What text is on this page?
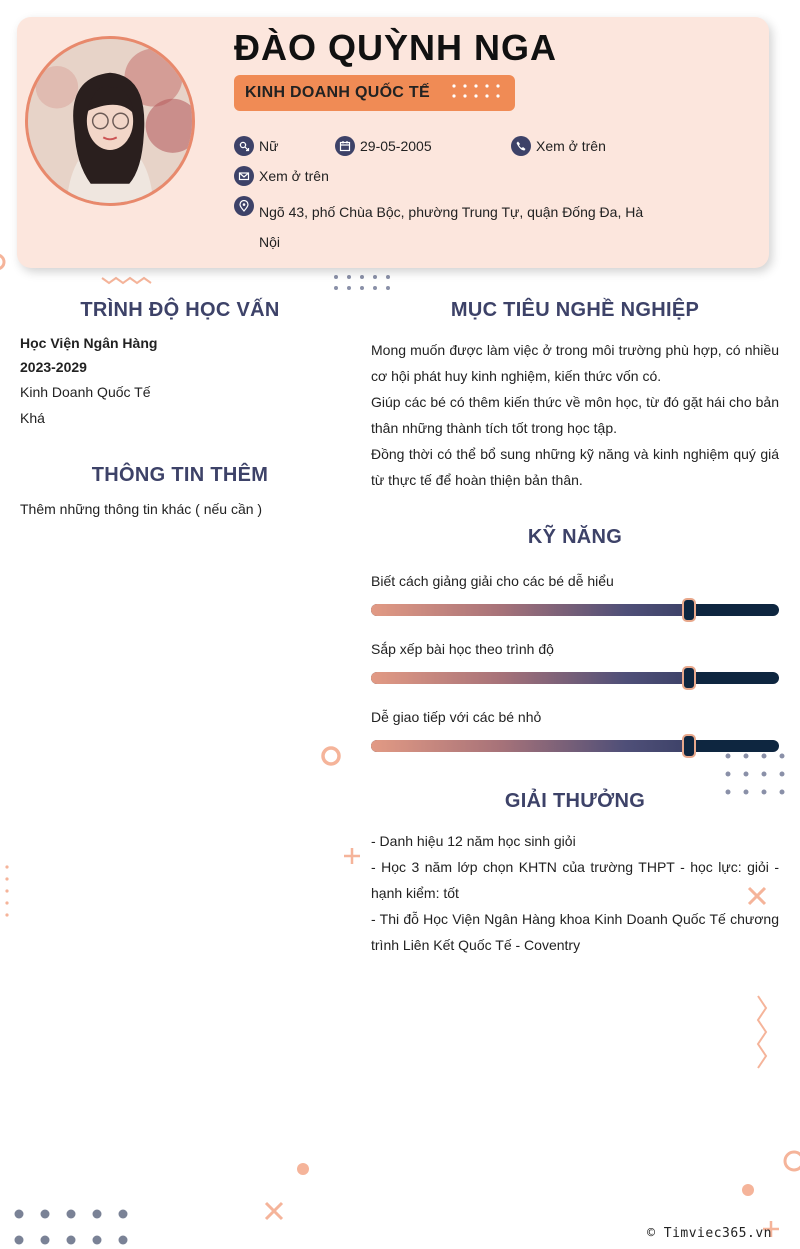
ĐÀO QUỲNH NGA
KINH DOANH QUỐC TẾ
Nữ	29-05-2005	Xem ở trên
Xem ở trên
Ngõ 43, phố Chùa Bộc, phường Trung Tự, quận Đống Đa, Hà Nội
TRÌNH ĐỘ HỌC VẤN
Học Viện Ngân Hàng
2023-2029
Kinh Doanh Quốc Tế
Khá
THÔNG TIN THÊM
Thêm những thông tin khác ( nếu cần )
MỤC TIÊU NGHỀ NGHIỆP
Mong muốn được làm việc ở trong môi trường phù hợp, có nhiều cơ hội phát huy kinh nghiệm, kiến thức vốn có.
Giúp các bé có thêm kiến thức về môn học, từ đó gặt hái cho bản thân những thành tích tốt trong học tập.
Đồng thời có thể bổ sung những kỹ năng và kinh nghiệm quý giá từ thực tế để hoàn thiện bản thân.
KỸ NĂNG
Biết cách giảng giải cho các bé dễ hiểu
Sắp xếp bài học theo trình độ
Dễ giao tiếp với các bé nhỏ
GIẢI THƯỞNG
- Danh hiệu 12 năm học sinh giỏi
- Học 3 năm lớp chọn KHTN của trường THPT - học lực: giỏi - hạnh kiểm: tốt
- Thi đỗ Học Viện Ngân Hàng khoa Kinh Doanh Quốc Tế chương trình Liên Kết Quốc Tế - Coventry
© Timviec365.vn
